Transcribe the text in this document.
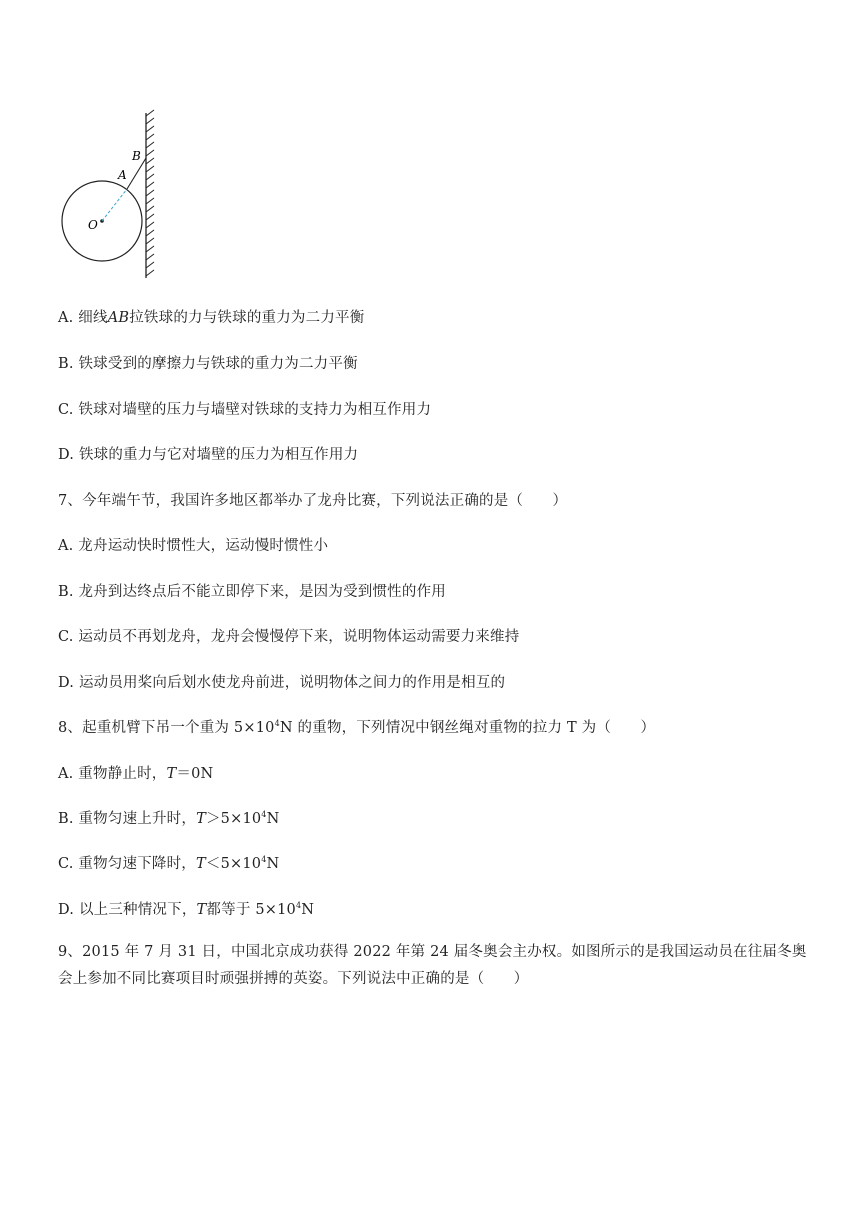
B
A
O
A. 细线AB拉铁球的力与铁球的重力为二力平衡
B. 铁球受到的摩擦力与铁球的重力为二力平衡
C. 铁球对墙壁的压力与墙壁对铁球的支持力为相互作用力
D. 铁球的重力与它对墙壁的压力为相互作用力
7、今年端午节，我国许多地区都举办了龙舟比赛，下列说法正确的是（　　）
A. 龙舟运动快时惯性大，运动慢时惯性小
B. 龙舟到达终点后不能立即停下来，是因为受到惯性的作用
C. 运动员不再划龙舟，龙舟会慢慢停下来，说明物体运动需要力来维持
D. 运动员用桨向后划水使龙舟前进，说明物体之间力的作用是相互的
8、起重机臂下吊一个重为 $5\times 10^4N$ 的重物，下列情况中钢丝绳对重物的拉力 T 为（　　）
A. 重物静止时，T＝0N
B. 重物匀速上升时，$T>5\times 10^4N$
C. 重物匀速下降时，$T<5\times 10^4N$
D. 以上三种情况下，T都等于 $5\times 10^4N$
9、2015 年 7 月 31 日，中国北京成功获得 2022 年第 24 届冬奥会主办权。如图所示的是我国运动员在往届冬奥会上参加不同比赛项目时顽强拼搏的英姿。下列说法中正确的是（　　）
